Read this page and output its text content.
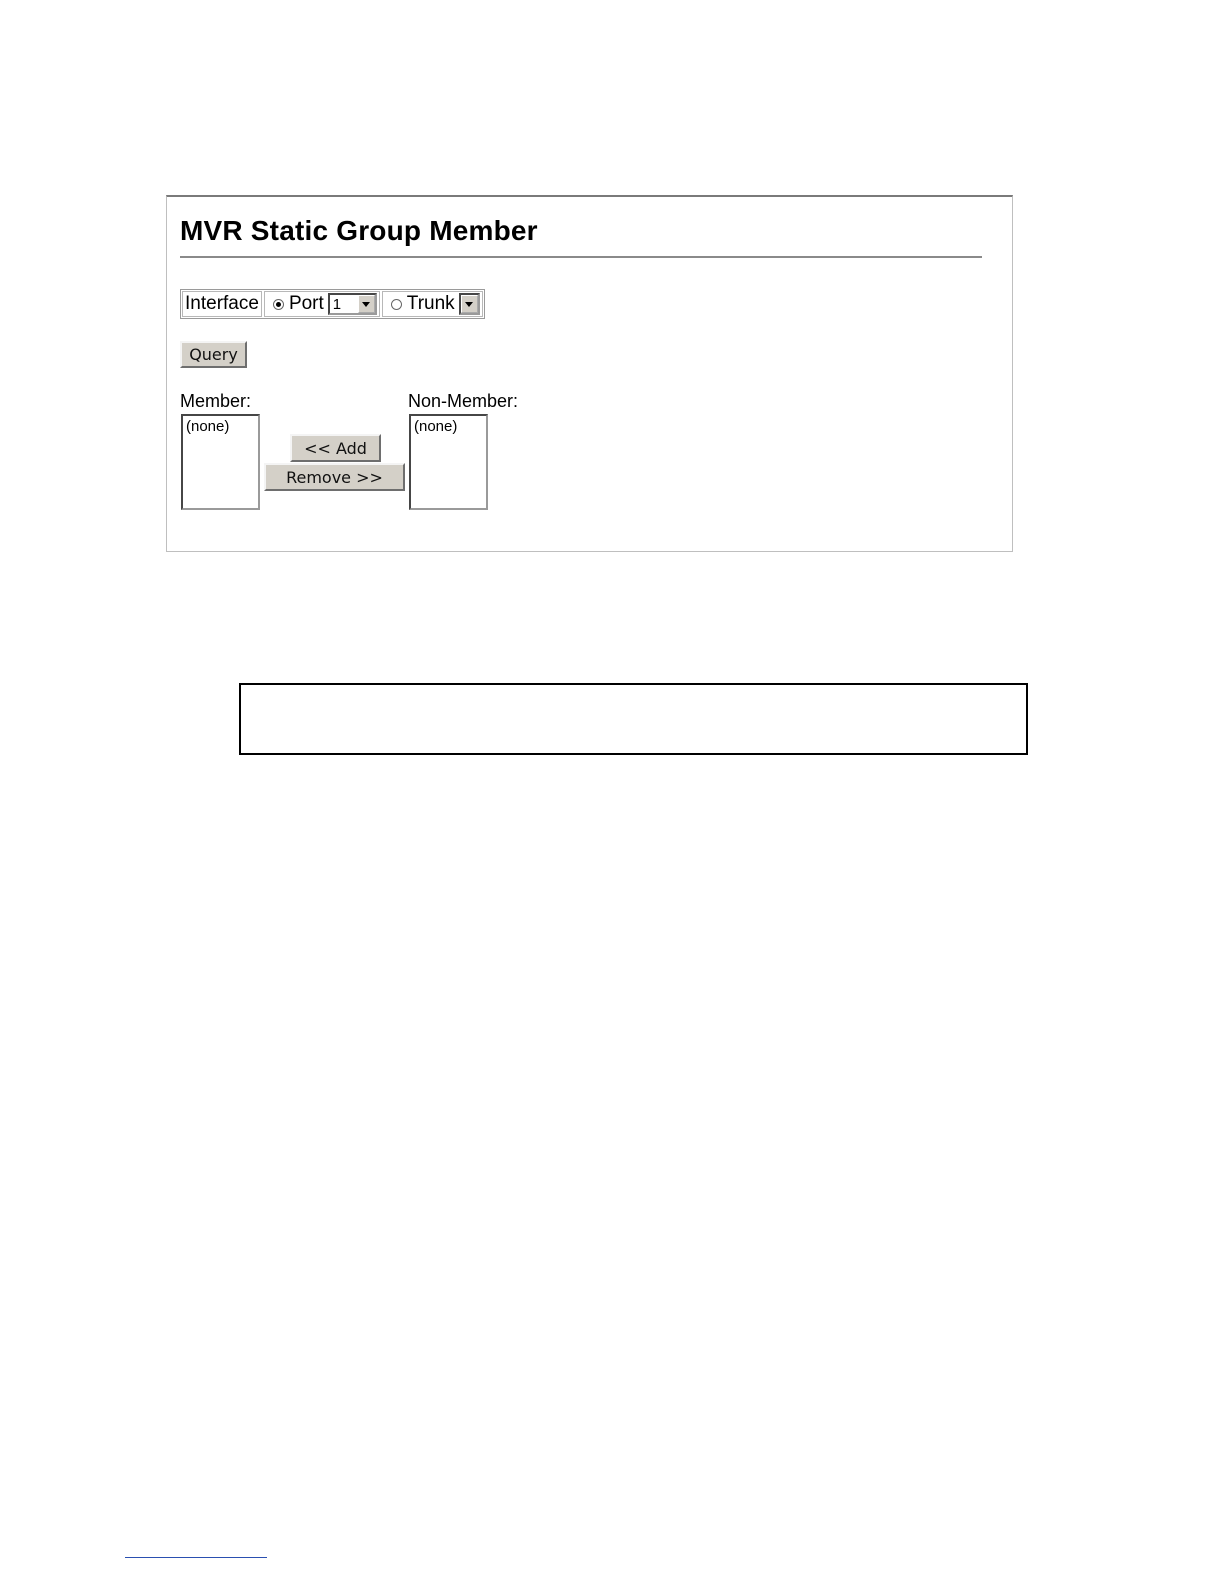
MVR Static Group Member
Interface Port 1	Trunk
Query
Member:
(none)
<< Add
Remove >>
Non-Member:
(none)
